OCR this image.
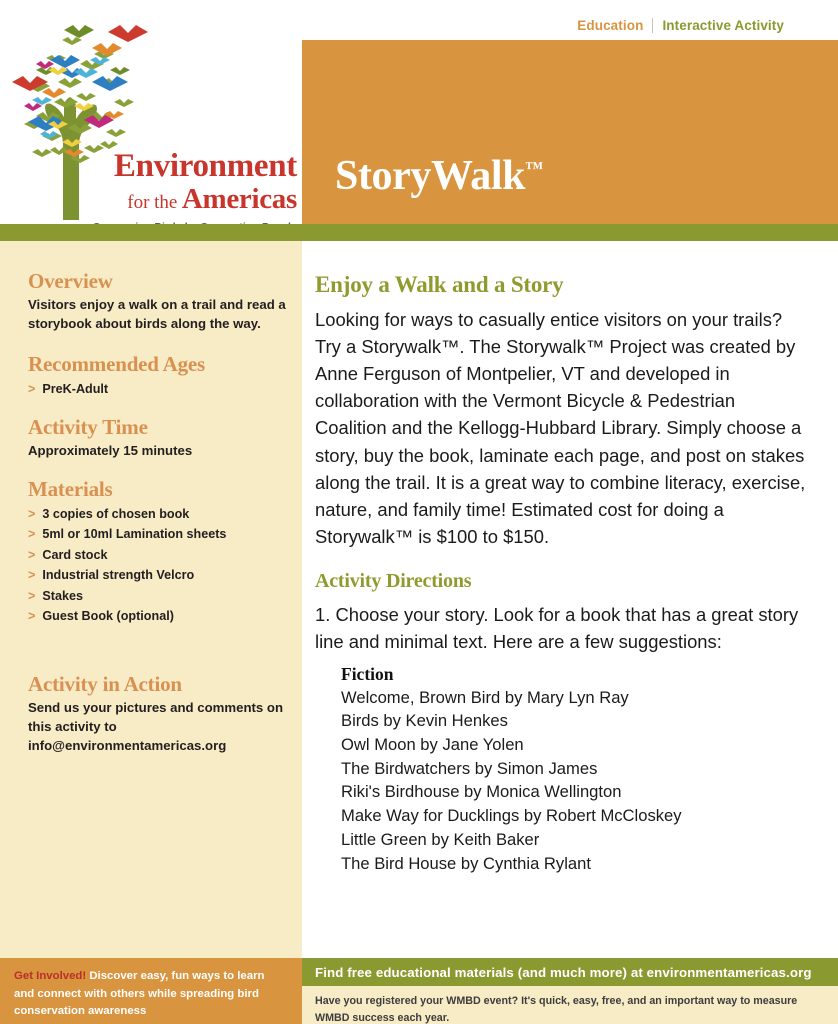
Education Interactive Activity
Environment
for the Americas StoryWalk™
Overview
Visitors enjoy a walk on a trail and read a storybook about birds along the way.
Recommended Ages
> PreK-Adult
Activity Time
Approximately 15 minutes
Materials
> 3 copies of chosen book
> 5ml or 10ml Lamination sheets
> Card stock
> Industrial strength Velcro
> Stakes
> Guest Book (optional)
Activity in Action
Send us your pictures and comments on this activity to info@environmentamericas.org
Enjoy a Walk and a Story

Looking for ways to casually entice visitors on your trails? Try a Storywalk™. The Storywalk™ Project was created by Anne Ferguson of Montpelier, VT and developed in collaboration with the Vermont Bicycle & Pedestrian Coalition and the Kellogg-Hubbard Library. Simply choose a story, buy the book, laminate each page, and post on stakes along the trail. It is a great way to combine literacy, exercise, nature, and family time! Estimated cost for doing a Storywalk™ is $100 to $150.

Activity Directions

1. Choose your story. Look for a book that has a great story line and minimal text. Here are a few suggestions:

Fiction
Welcome, Brown Bird by Mary Lyn Ray
Birds by Kevin Henkes
Owl Moon by Jane Yolen
The Birdwatchers by Simon James
Riki's Birdhouse by Monica Wellington
Make Way for Ducklings by Robert McCloskey
Little Green by Keith Baker
The Bird House by Cynthia Rylant

Get Involved! Discover easy, fun ways to learn and connect with others while spreading bird conservation awareness

Find free educational materials (and much more) at environmentamericas.org

Have you registered your WMBD event? It's quick, easy, free, and an important way to measure WMBD success each year.
